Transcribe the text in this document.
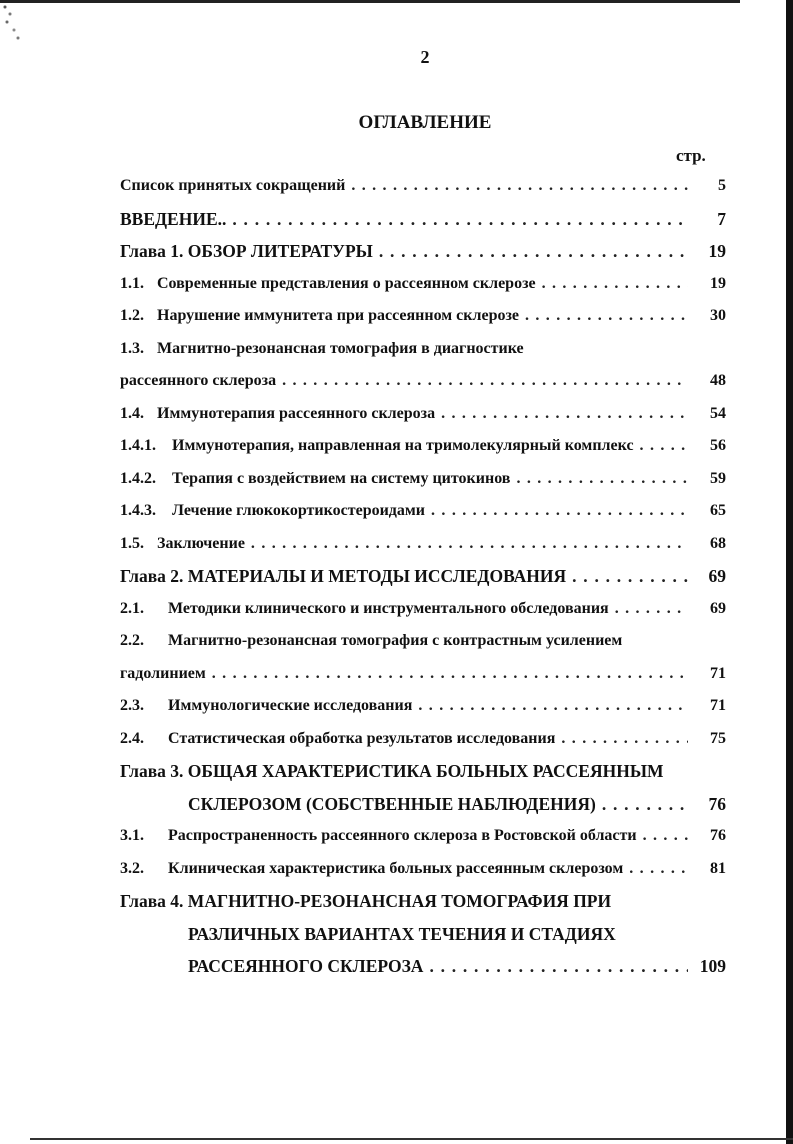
2
ОГЛАВЛЕНИЕ
стр.
Список принятых сокращений . . .	5
ВВЕДЕНИЕ.. . . .	7
Глава 1. ОБЗОР ЛИТЕРАТУРЫ . . .	19
1.1. Современные представления о рассеянном склерозе . . .	19
1.2. Нарушение иммунитета при рассеянном склерозе . . .	30
1.3. Магнитно-резонансная томография в диагностике
рассеянного склероза . . .	48
1.4. Иммунотерапия рассеянного склероза . . .	54
1.4.1.	Иммунотерапия, направленная на тримолекулярный комплекс . . .	56
1.4.2.	Терапия с воздействием на систему цитокинов . . .	59
1.4.3.	Лечение глюкокортикостероидами . . .	65
1.5. Заключение . . .	68
Глава 2. МАТЕРИАЛЫ И МЕТОДЫ ИССЛЕДОВАНИЯ . . .	69
2.1.	Методики клинического и инструментального обследования . . .	69
2.2.	Магнитно-резонансная томография с контрастным усилением
гадолинием . . .	71
2.3.	Иммунологические исследования . . .	71
2.4.	Статистическая обработка результатов исследования . . .	75
Глава 3. ОБЩАЯ ХАРАКТЕРИСТИКА БОЛЬНЫХ РАССЕЯННЫМ
СКЛЕРОЗОМ (СОБСТВЕННЫЕ НАБЛЮДЕНИЯ) . . .	76
3.1.	Распространенность рассеянного склероза в Ростовской области . . .	76
3.2.	Клиническая характеристика больных рассеянным склерозом . . .	81
Глава 4. МАГНИТНО-РЕЗОНАНСНАЯ ТОМОГРАФИЯ ПРИ
РАЗЛИЧНЫХ ВАРИАНТАХ ТЕЧЕНИЯ И СТАДИЯХ
РАССЕЯННОГО СКЛЕРОЗА . . .	109
